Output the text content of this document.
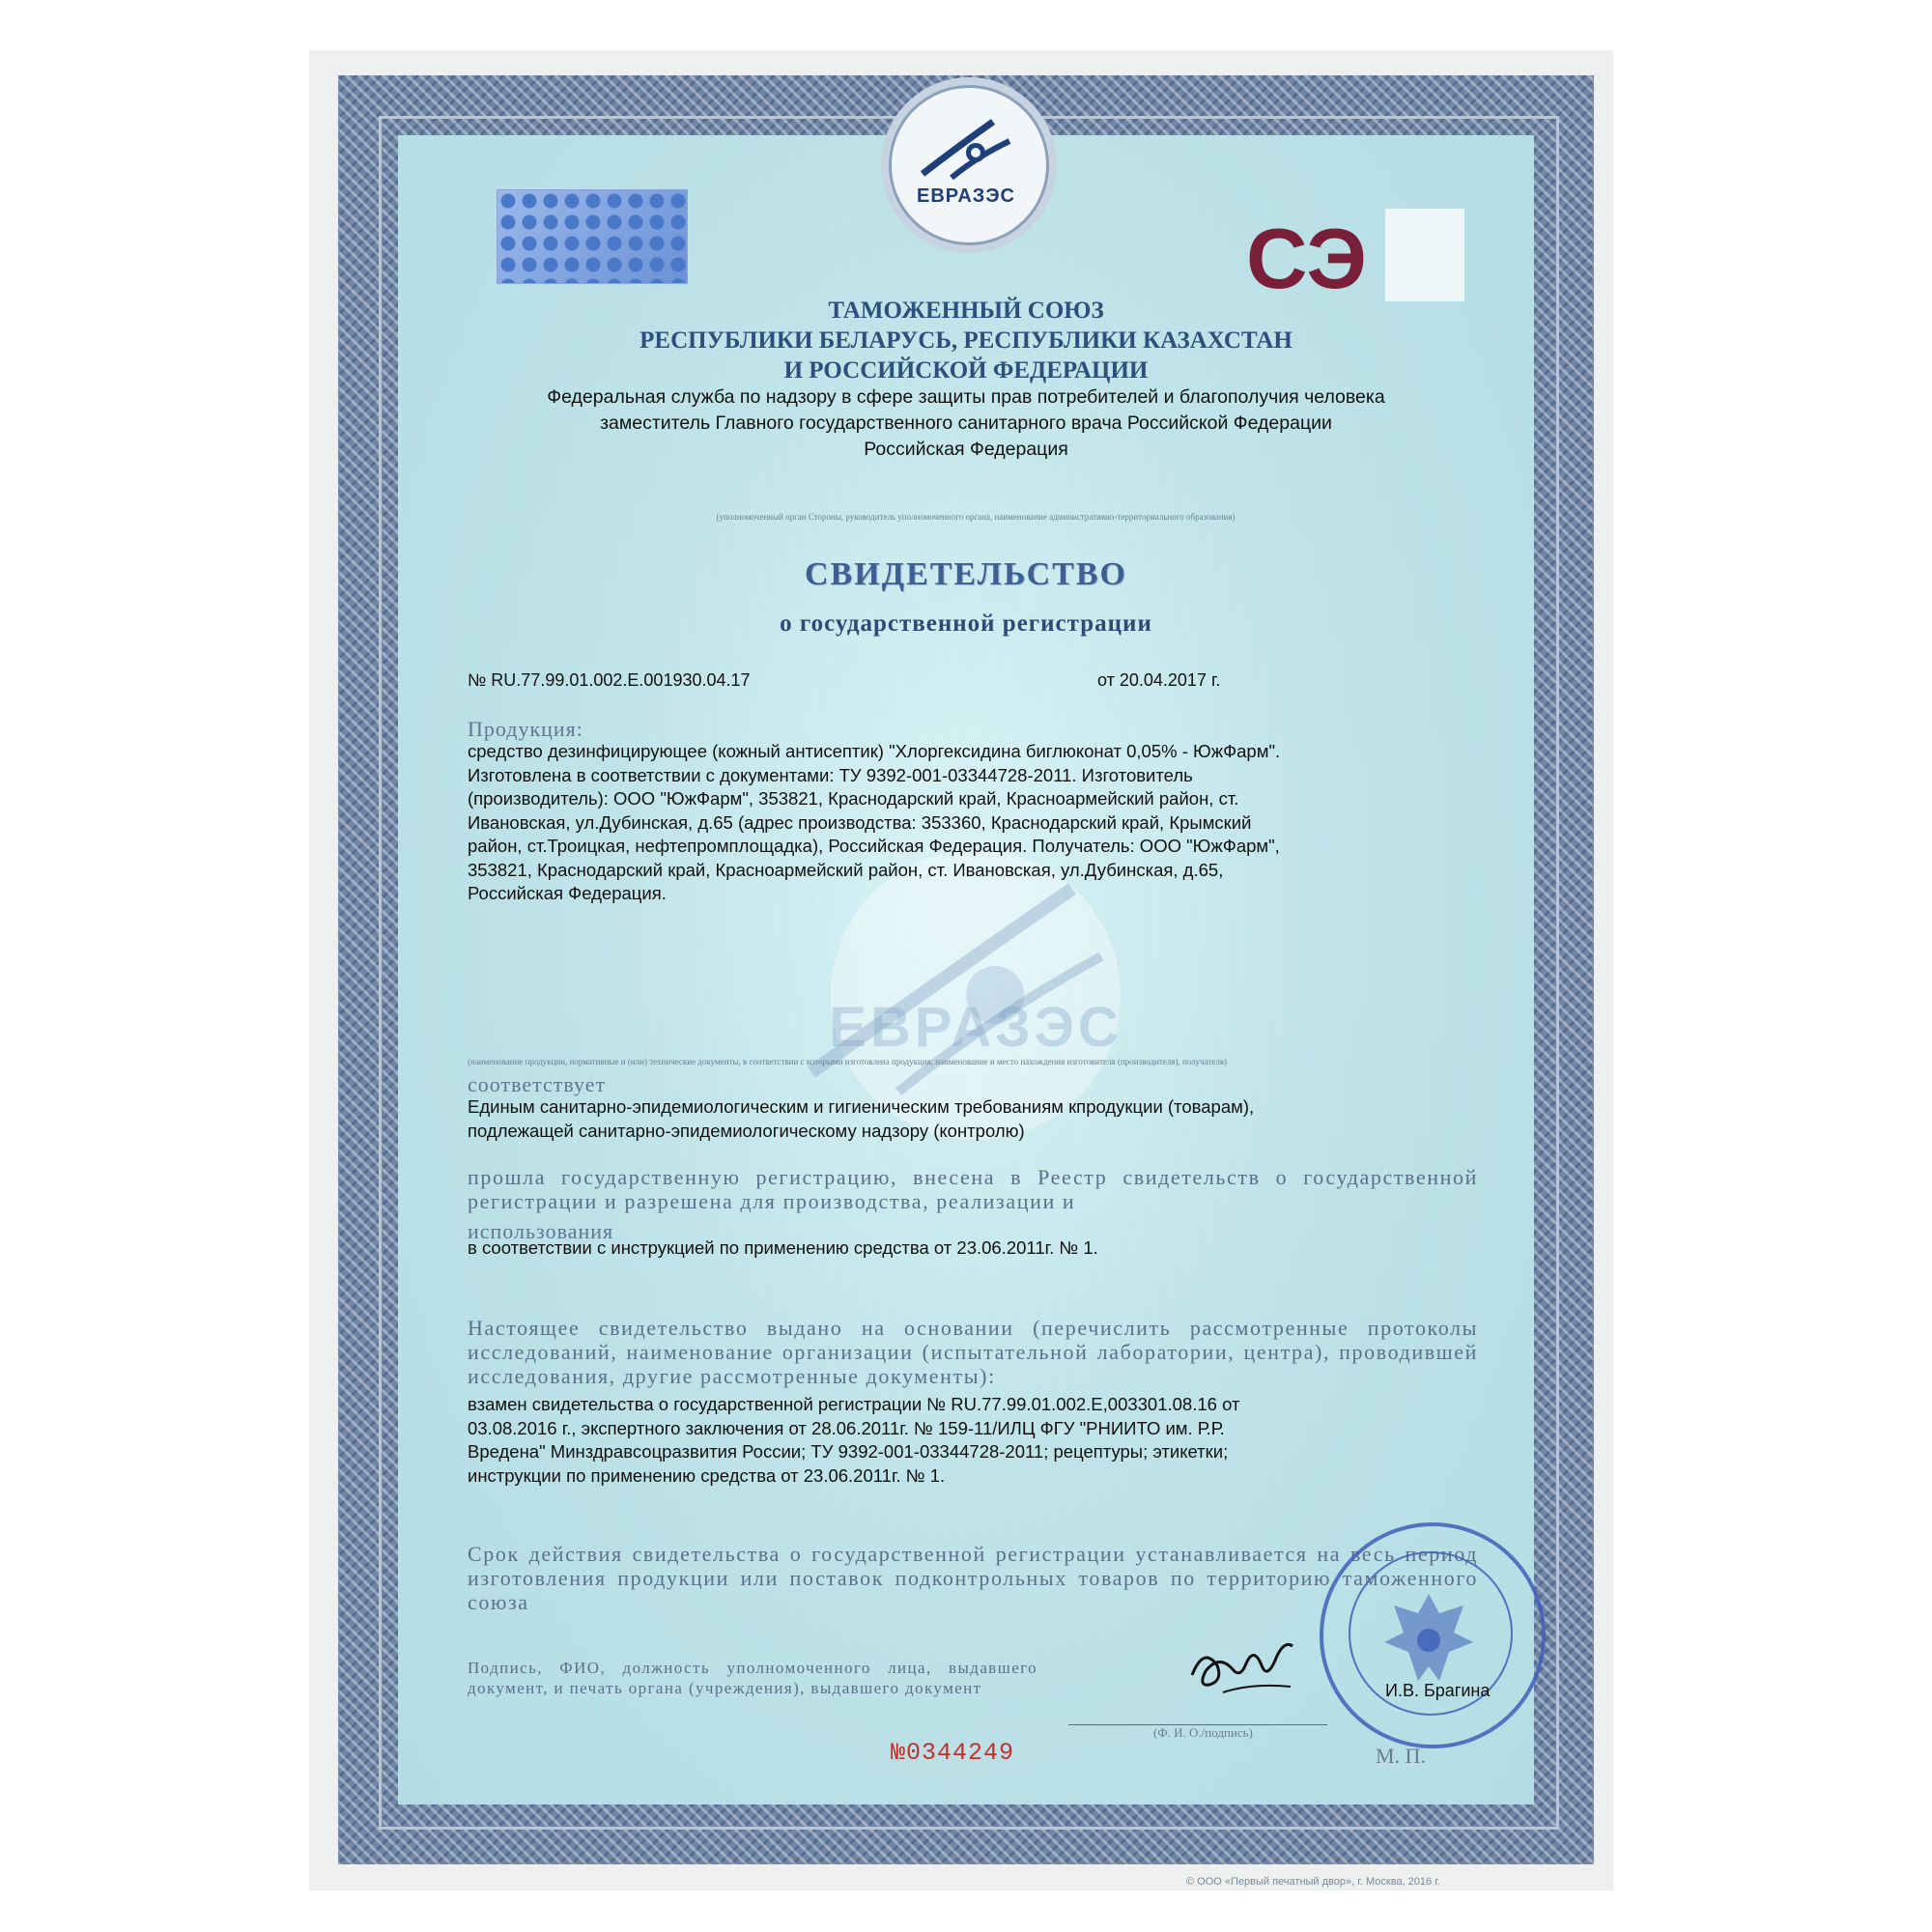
ЕВРАЗЭС
ЕВРАЗЭС
СЭ
ТАМОЖЕННЫЙ СОЮЗ
РЕСПУБЛИКИ БЕЛАРУСЬ, РЕСПУБЛИКИ КАЗАХСТАН
И РОССИЙСКОЙ ФЕДЕРАЦИИ
Федеральная служба по надзору в сфере защиты прав потребителей и благополучия человека
заместитель Главного государственного санитарного врача Российской Федерации
Российская Федерация
(уполномоченный орган Стороны, руководитель уполномоченного органа, наименование административно-территориального образования)
СВИДЕТЕЛЬСТВО
о государственной регистрации
№ RU.77.99.01.002.Е.001930.04.17	от 20.04.2017 г.
Продукция:
средство дезинфицирующее (кожный антисептик) "Хлоргексидина биглюконат 0,05% - ЮжФарм".
Изготовлена в соответствии с документами: ТУ 9392-001-03344728-2011. Изготовитель
(производитель): ООО "ЮжФарм", 353821, Краснодарский край, Красноармейский район, ст.
Ивановская, ул.Дубинская, д.65 (адрес производства: 353360, Краснодарский край, Крымский
район, ст.Троицкая, нефтепромплощадка), Российская Федерация. Получатель: ООО "ЮжФарм",
353821, Краснодарский край, Красноармейский район, ст. Ивановская, ул.Дубинская, д.65,
Российская Федерация.
(наименование продукции, нормативные и (или) технические документы, в соответствии с которыми изготовлена продукция, наименование и место нахождения изготовителя (производителя), получателя)
соответствует
Единым санитарно-эпидемиологическим и гигиеническим требованиям кпродукции (товарам),
подлежащей санитарно-эпидемиологическому надзору (контролю)
прошла государственную регистрацию, внесена в Реестр свидетельств о государственной регистрации и разрешена для производства, реализации и
использования
в соответствии с инструкцией по применению средства от 23.06.2011г. № 1.
Настоящее свидетельство выдано на основании (перечислить рассмотренные протоколы исследований, наименование организации (испытательной лаборатории, центра), проводившей исследования, другие рассмотренные документы):
взамен свидетельства о государственной регистрации № RU.77.99.01.002.Е,003301.08.16 от
03.08.2016 г., экспертного заключения от 28.06.2011г. № 159-11/ИЛЦ ФГУ "РНИИТО им. Р.Р.
Вредена" Минздравсоцразвития России; ТУ 9392-001-03344728-2011; рецептуры; этикетки;
инструкции по применению средства от 23.06.2011г. № 1.
Срок действия свидетельства о государственной регистрации устанавливается на весь период изготовления продукции или поставок подконтрольных товаров по территорию таможенного союза
Подпись, ФИО, должность уполномоченного лица, выдавшего документ, и печать органа (учреждения), выдавшего документ	И.В. Брагина
(Ф. И. О./подпись)
М. П.
№0344249
© ООО «Первый печатный двор», г. Москва, 2016 г.
